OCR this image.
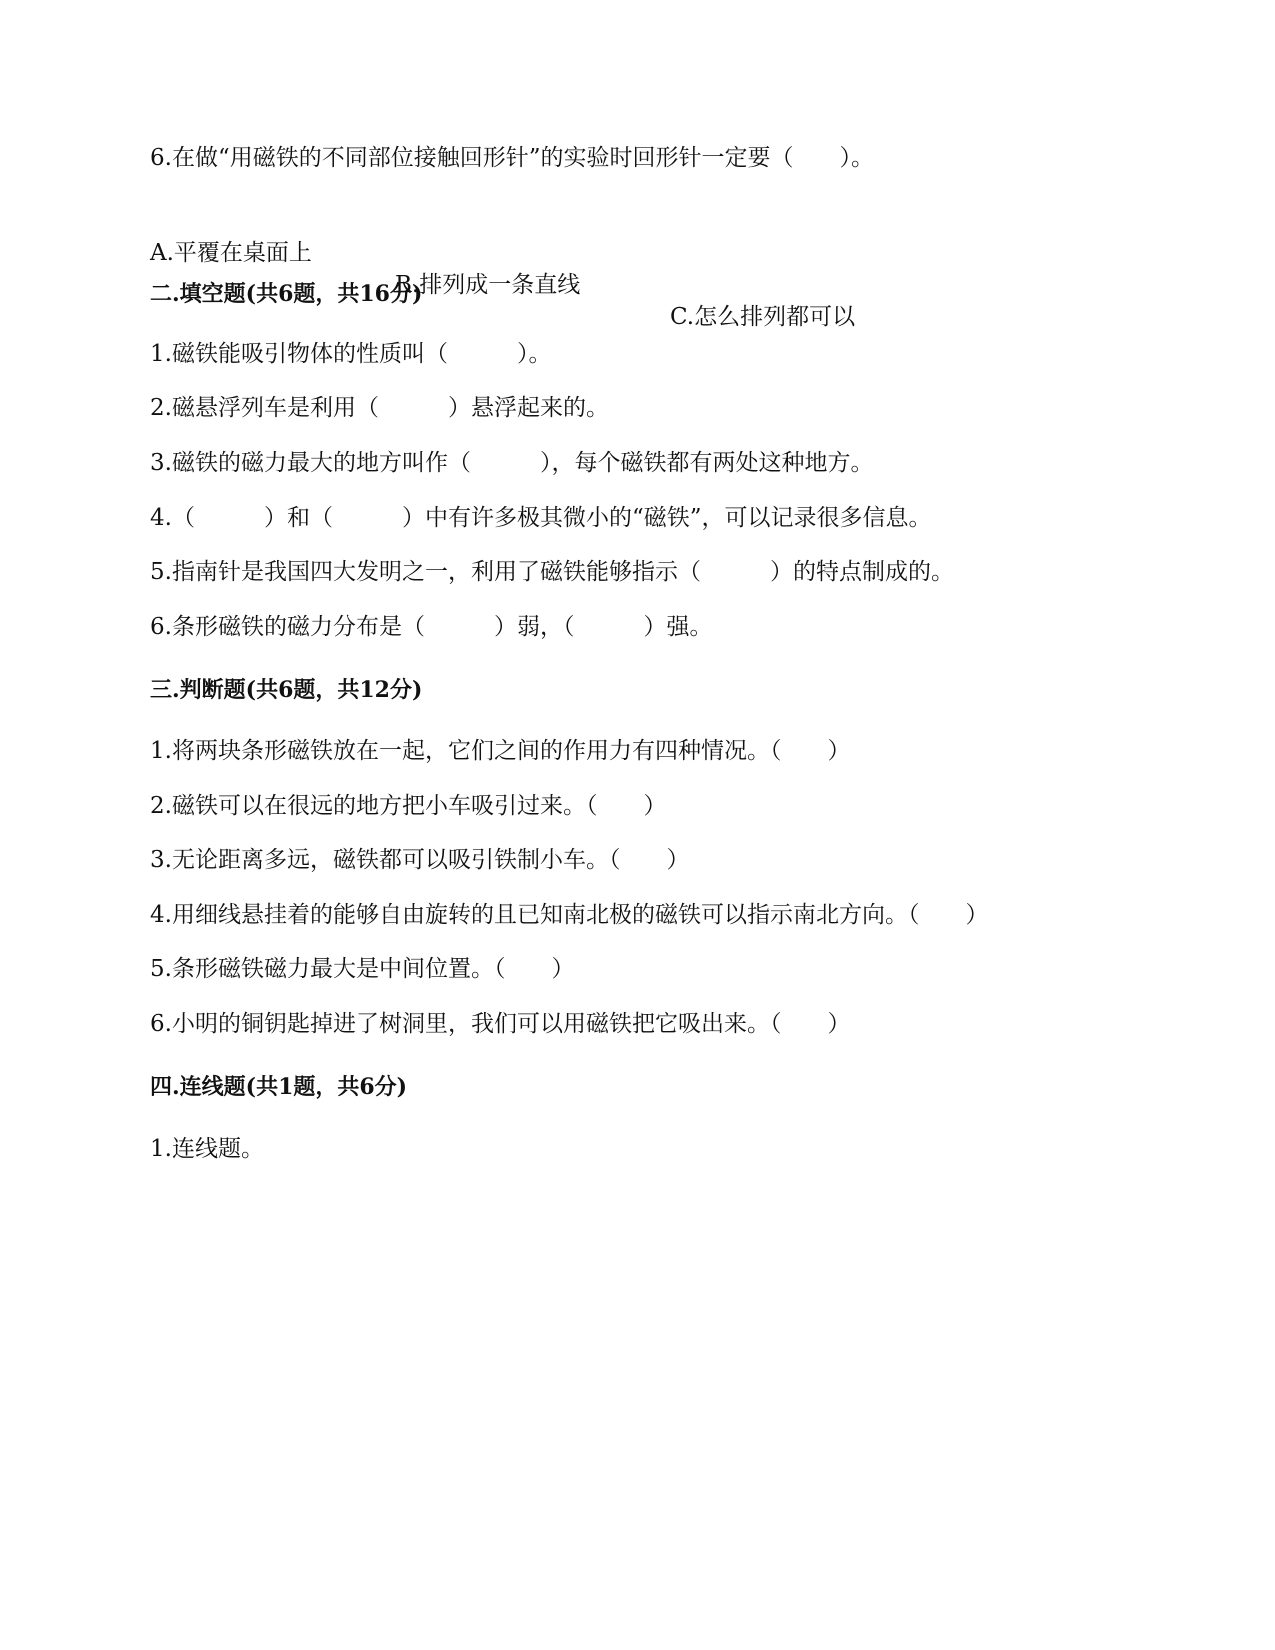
6.在做“用磁铁的不同部位接触回形针”的实验时回形针一定要（　　）。

A.平覆在桌面上

B.排列成一条直线

C.怎么排列都可以

二.填空题(共6题，共16分)
1.磁铁能吸引物体的性质叫（　　　）。
2.磁悬浮列车是利用（　　　）悬浮起来的。
3.磁铁的磁力最大的地方叫作（　　　），每个磁铁都有两处这种地方。
4.（　　　）和（　　　）中有许多极其微小的“磁铁”，可以记录很多信息。
5.指南针是我国四大发明之一，利用了磁铁能够指示（　　　）的特点制成的。
6.条形磁铁的磁力分布是（　　　）弱，（　　　）强。
三.判断题(共6题，共12分)
1.将两块条形磁铁放在一起，它们之间的作用力有四种情况。（　　）
2.磁铁可以在很远的地方把小车吸引过来。（　　）
3.无论距离多远，磁铁都可以吸引铁制小车。（　　）
4.用细线悬挂着的能够自由旋转的且已知南北极的磁铁可以指示南北方向。（　　）
5.条形磁铁磁力最大是中间位置。（　　）
6.小明的铜钥匙掉进了树洞里，我们可以用磁铁把它吸出来。（　　）
四.连线题(共1题，共6分)
1.连线题。
